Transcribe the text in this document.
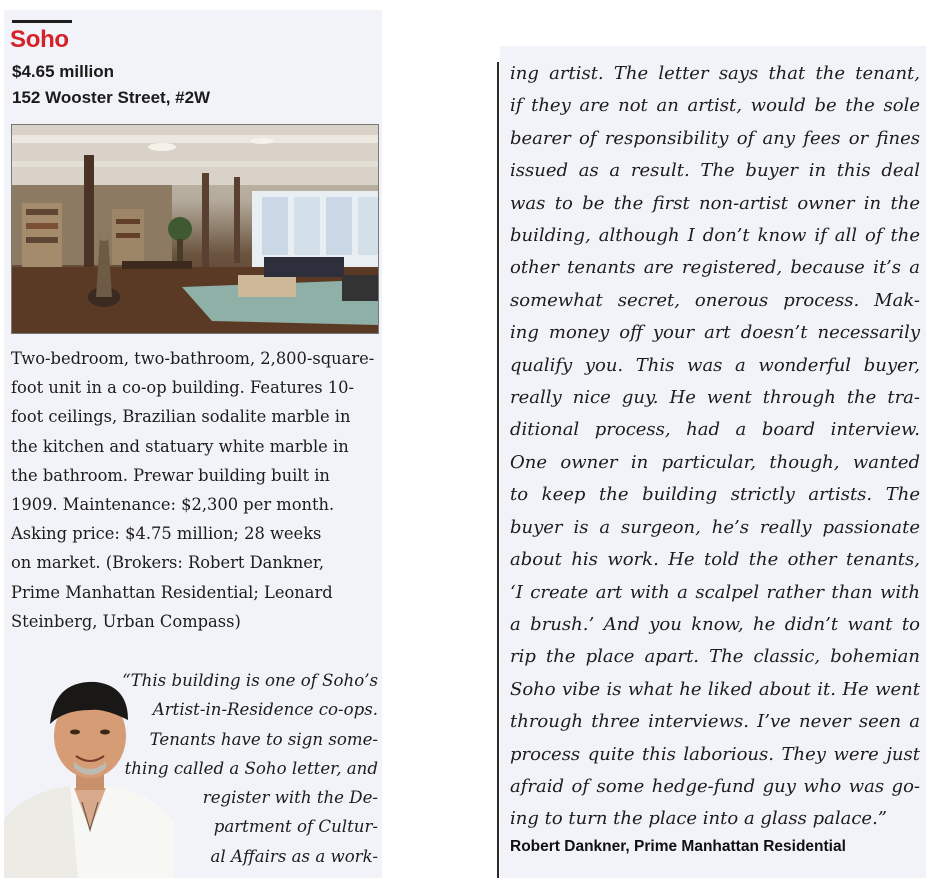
Soho
$4.65 million
152 Wooster Street, #2W
Two-bedroom, two-bathroom, 2,800-square-
foot unit in a co-op building. Features 10-
foot ceilings, Brazilian sodalite marble in
the kitchen and statuary white marble in
the bathroom. Prewar building built in
1909. Maintenance: $2,300 per month.
Asking price: $4.75 million; 28 weeks
on market. (Brokers: Robert Dankner,
Prime Manhattan Residential; Leonard
Steinberg, Urban Compass)
“This building is one of Soho’s
Artist-in-Residence co-ops.
Tenants have to sign some-
thing called a Soho letter, and
register with the De-
partment of Cultur-
al Affairs as a work-
ing artist. The letter says that the tenant,
if they are not an artist, would be the sole
bearer of responsibility of any fees or fines
issued as a result. The buyer in this deal
was to be the first non-artist owner in the
building, although I don’t know if all of the
other tenants are registered, because it’s a
somewhat secret, onerous process. Mak-
ing money off your art doesn’t necessarily
qualify you. This was a wonderful buyer,
really nice guy. He went through the tra-
ditional process, had a board interview.
One owner in particular, though, wanted
to keep the building strictly artists. The
buyer is a surgeon, he’s really passionate
about his work. He told the other tenants,
‘I create art with a scalpel rather than with
a brush.’ And you know, he didn’t want to
rip the place apart. The classic, bohemian
Soho vibe is what he liked about it. He went
through three interviews. I’ve never seen a
process quite this laborious. They were just
afraid of some hedge-fund guy who was go-
ing to turn the place into a glass palace.”
Robert Dankner, Prime Manhattan Residential
